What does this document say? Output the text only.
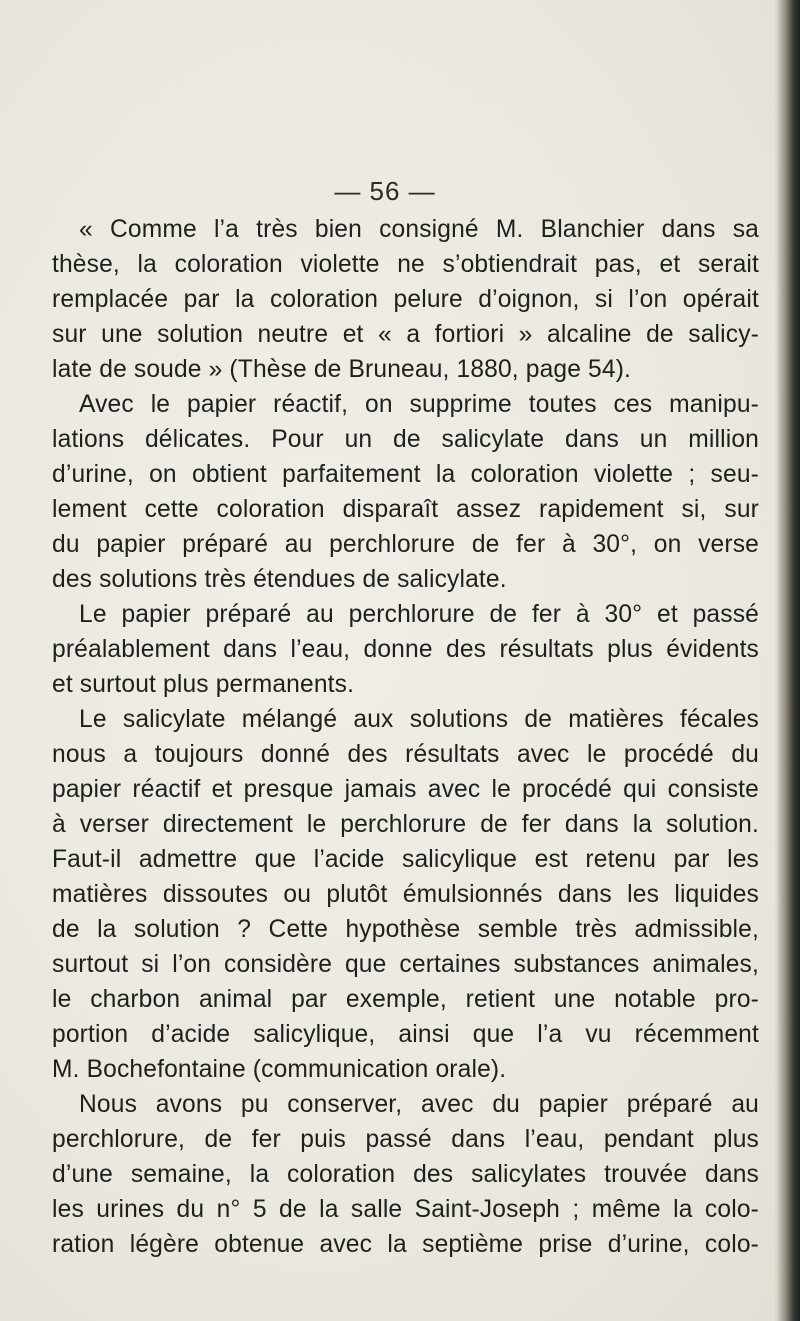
— 56 —
« Comme l’a très bien consigné M. Blanchier dans sa
thèse, la coloration violette ne s’obtiendrait pas, et serait
remplacée par la coloration pelure d’oignon, si l’on opérait
sur une solution neutre et « a fortiori » alcaline de salicy-
late de soude » (Thèse de Bruneau, 1880, page 54).
Avec le papier réactif, on supprime toutes ces manipu-
lations délicates. Pour un de salicylate dans un million
d’urine, on obtient parfaitement la coloration violette ; seu-
lement cette coloration disparaît assez rapidement si, sur
du papier préparé au perchlorure de fer à 30°, on verse
des solutions très étendues de salicylate.
Le papier préparé au perchlorure de fer à 30° et passé
préalablement dans l’eau, donne des résultats plus évidents
et surtout plus permanents.
Le salicylate mélangé aux solutions de matières fécales
nous a toujours donné des résultats avec le procédé du
papier réactif et presque jamais avec le procédé qui consiste
à verser directement le perchlorure de fer dans la solution.
Faut-il admettre que l’acide salicylique est retenu par les
matières dissoutes ou plutôt émulsionnés dans les liquides
de la solution ? Cette hypothèse semble très admissible,
surtout si l’on considère que certaines substances animales,
le charbon animal par exemple, retient une notable pro-
portion d’acide salicylique, ainsi que l’a vu récemment
M. Bochefontaine (communication orale).
Nous avons pu conserver, avec du papier préparé au
perchlorure, de fer puis passé dans l’eau, pendant plus
d’une semaine, la coloration des salicylates trouvée dans
les urines du n° 5 de la salle Saint-Joseph ; même la colo-
ration légère obtenue avec la septième prise d’urine, colo-
